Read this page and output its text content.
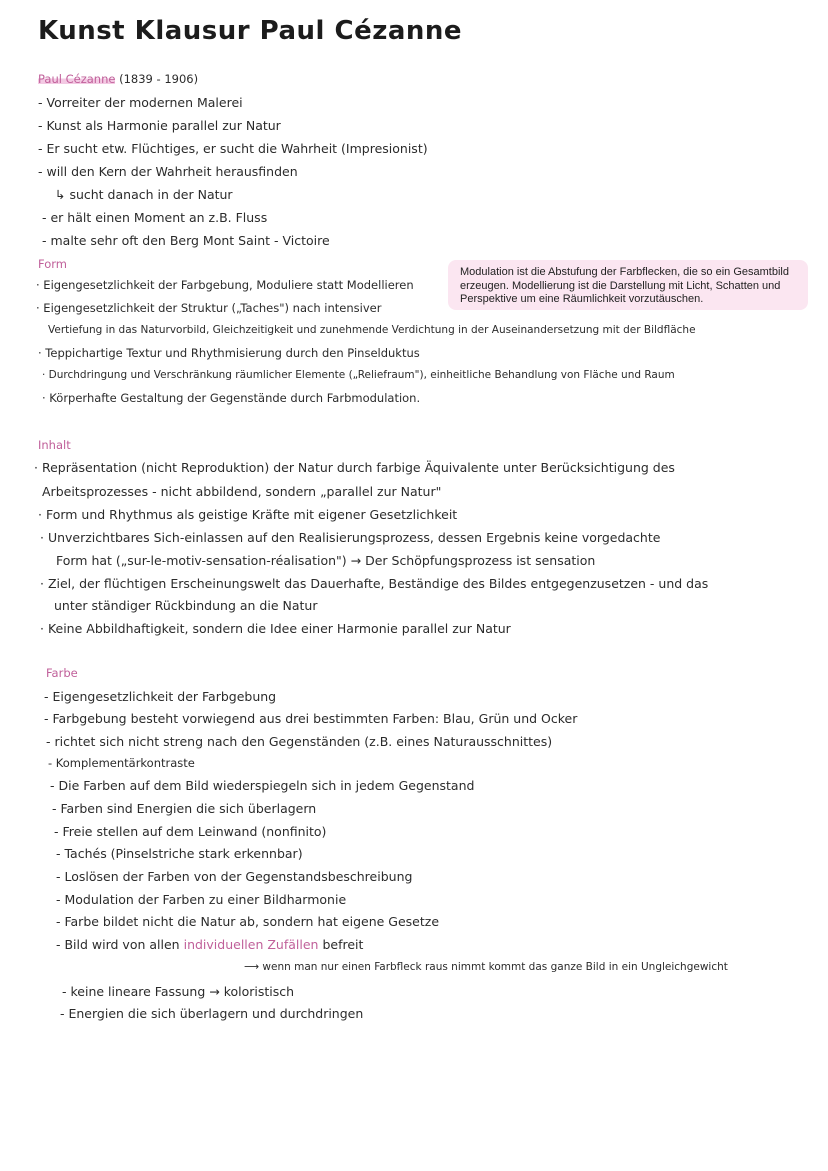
Kunst Klausur Paul Cézanne
Paul Cézanne (1839 - 1906)
- Vorreiter der modernen Malerei
- Kunst als Harmonie parallel zur Natur
- Er sucht etw. Flüchtiges, er sucht die Wahrheit (Impresionist)
- will den Kern der Wahrheit herausfinden
↳ sucht danach in der Natur
- er hält einen Moment an z.B. Fluss
- malte sehr oft den Berg Mont Saint - Victoire
Form
· Eigengesetzlichkeit der Farbgebung, Moduliere statt Modellieren
· Eigengesetzlichkeit der Struktur („Taches") nach intensiver
Vertiefung in das Naturvorbild, Gleichzeitigkeit und zunehmende Verdichtung in der Auseinandersetzung mit der Bildfläche
· Teppichartige Textur und Rhythmisierung durch den Pinselduktus
· Durchdringung und Verschränkung räumlicher Elemente („Reliefraum"), einheitliche Behandlung von Fläche und Raum
· Körperhafte Gestaltung der Gegenstände durch Farbmodulation.
Modulation ist die Abstufung der Farbflecken, die so ein Gesamtbild erzeugen. Modellierung ist die Darstellung mit Licht, Schatten und Perspektive um eine Räumlichkeit vorzutäuschen.
Inhalt
· Repräsentation (nicht Reproduktion) der Natur durch farbige Äquivalente unter Berücksichtigung des
Arbeitsprozesses - nicht abbildend, sondern „parallel zur Natur"
· Form und Rhythmus als geistige Kräfte mit eigener Gesetzlichkeit
· Unverzichtbares Sich-einlassen auf den Realisierungsprozess, dessen Ergebnis keine vorgedachte
Form hat („sur-le-motiv-sensation-réalisation") → Der Schöpfungsprozess ist sensation
· Ziel, der flüchtigen Erscheinungswelt das Dauerhafte, Beständige des Bildes entgegenzusetzen - und das
unter ständiger Rückbindung an die Natur
· Keine Abbildhaftigkeit, sondern die Idee einer Harmonie parallel zur Natur
Farbe
- Eigengesetzlichkeit der Farbgebung
- Farbgebung besteht vorwiegend aus drei bestimmten Farben: Blau, Grün und Ocker
- richtet sich nicht streng nach den Gegenständen (z.B. eines Naturausschnittes)
- Komplementärkontraste
- Die Farben auf dem Bild wiederspiegeln sich in jedem Gegenstand
- Farben sind Energien die sich überlagern
- Freie stellen auf dem Leinwand (nonfinito)
- Tachés (Pinselstriche stark erkennbar)
- Loslösen der Farben von der Gegenstandsbeschreibung
- Modulation der Farben zu einer Bildharmonie
- Farbe bildet nicht die Natur ab, sondern hat eigene Gesetze
- Bild wird von allen individuellen Zufällen befreit
⟶ wenn man nur einen Farbfleck raus nimmt kommt das ganze Bild in ein Ungleichgewicht
- keine lineare Fassung → koloristisch
- Energien die sich überlagern und durchdringen
